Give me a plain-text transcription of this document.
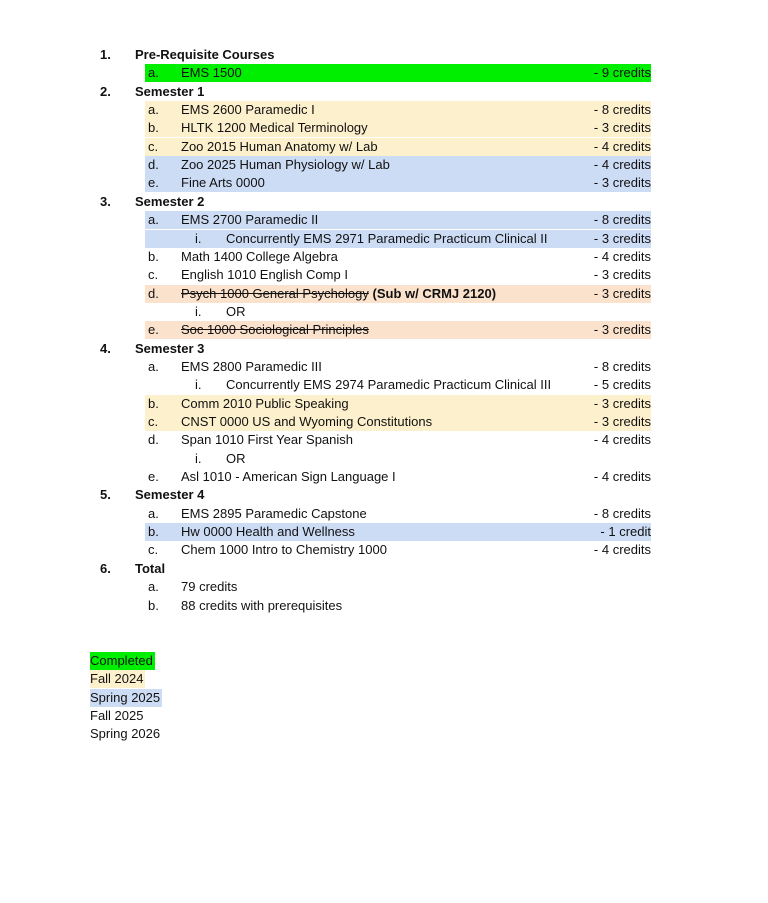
1.	Pre-Requisite Courses
a. EMS 1500	- 9 credits
2.	Semester 1
a. EMS 2600 Paramedic I	- 8 credits
b. HLTK 1200 Medical Terminology	- 3 credits
c. Zoo 2015 Human Anatomy w/ Lab	- 4 credits
d. Zoo 2025 Human Physiology w/ Lab	- 4 credits
e. Fine Arts 0000	- 3 credits
3.	Semester 2
a. EMS 2700 Paramedic II	- 8 credits
i. Concurrently EMS 2971 Paramedic Practicum Clinical II	- 3 credits
b. Math 1400 College Algebra	- 4 credits
c. English 1010 English Comp I	- 3 credits
d. Psych 1000 General Psychology (Sub w/ CRMJ 2120)	- 3 credits
i. OR
e. Soc 1000 Sociological Principles	- 3 credits
4.	Semester 3
a. EMS 2800 Paramedic III	- 8 credits
i. Concurrently EMS 2974 Paramedic Practicum Clinical III	- 5 credits
b. Comm 2010 Public Speaking	- 3 credits
c. CNST 0000 US and Wyoming Constitutions	- 3 credits
d. Span 1010 First Year Spanish	- 4 credits
i. OR
e. Asl 1010 - American Sign Language I	- 4 credits
5.	Semester 4
a. EMS 2895 Paramedic Capstone	- 8 credits
b. Hw 0000 Health and Wellness	- 1 credit
c. Chem 1000 Intro to Chemistry 1000	- 4 credits
6.	Total
a. 79 credits
b. 88 credits with prerequisites
Completed
Fall 2024
Spring 2025
Fall 2025
Spring 2026
